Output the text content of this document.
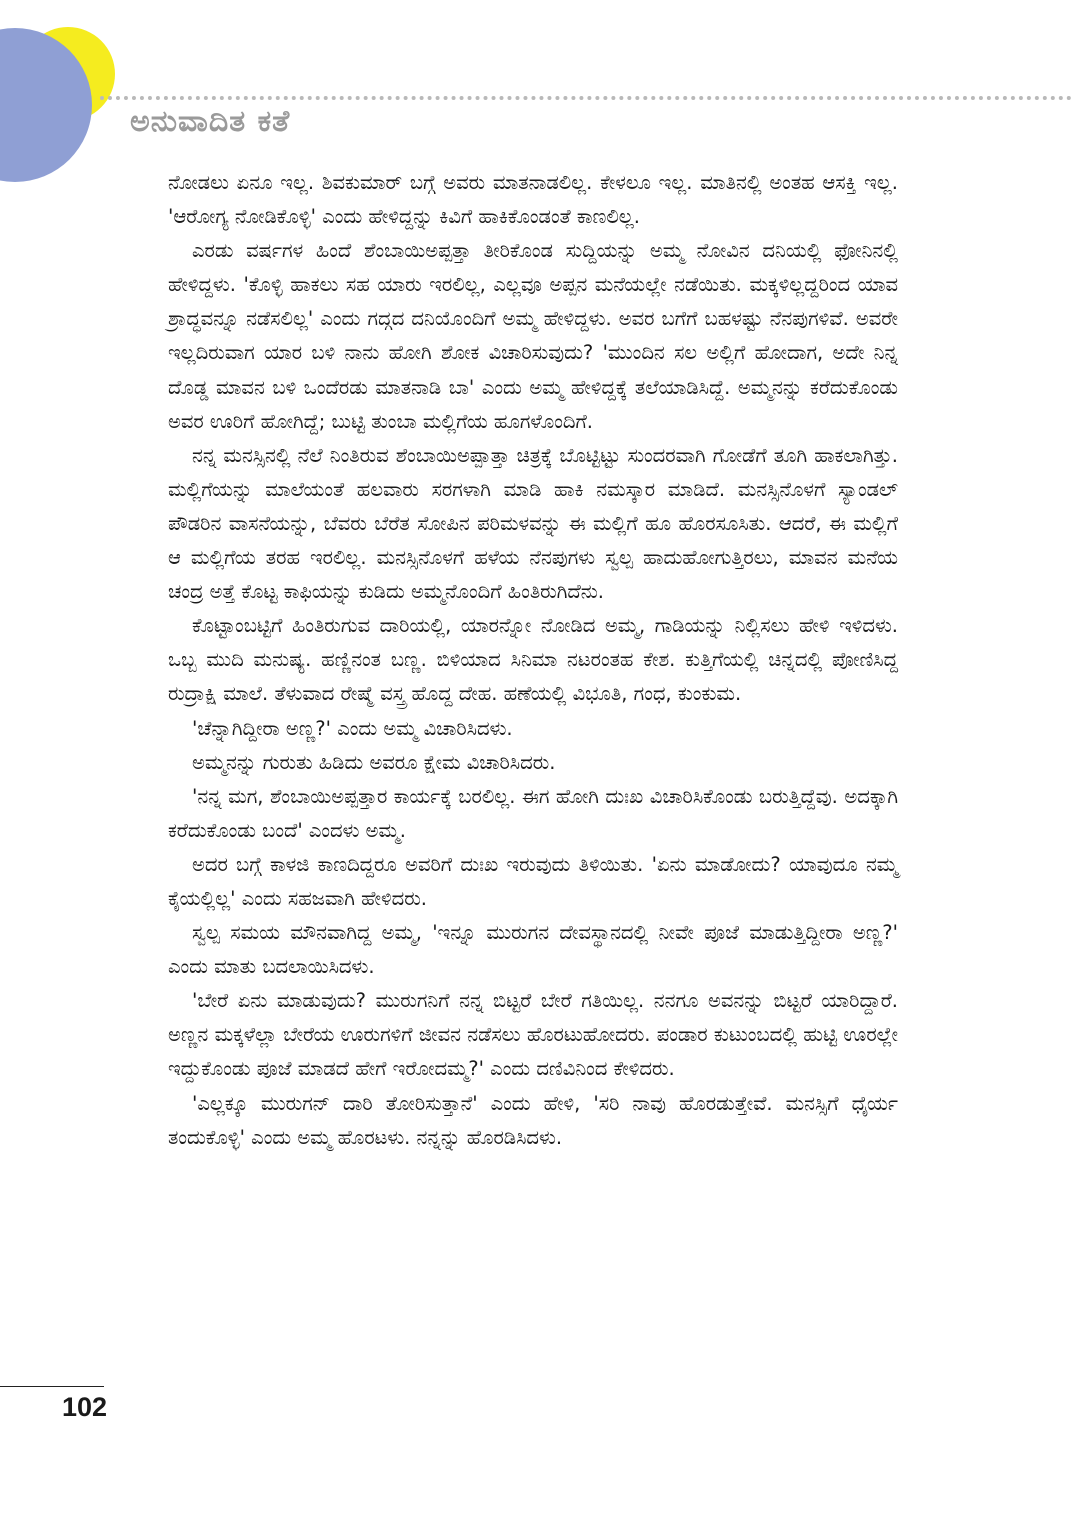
ಅನುವಾದಿತ ಕತೆ

ನೋಡಲು ಏನೂ ಇಲ್ಲ. ಶಿವಕುಮಾರ್ ಬಗ್ಗೆ ಅವರು ಮಾತನಾಡಲಿಲ್ಲ. ಕೇಳಲೂ ಇಲ್ಲ. ಮಾತಿನಲ್ಲಿ ಅಂತಹ ಆಸಕ್ತಿ ಇಲ್ಲ. 'ಆರೋಗ್ಯ ನೋಡಿಕೊಳ್ಳಿ' ಎಂದು ಹೇಳಿದ್ದನ್ನು ಕಿವಿಗೆ ಹಾಕಿಕೊಂಡಂತೆ ಕಾಣಲಿಲ್ಲ.

ಎರಡು ವರ್ಷಗಳ ಹಿಂದೆ ಶೆಂಬಾಯಿಅಪ್ಪತ್ತಾ ತೀರಿಕೊಂಡ ಸುದ್ದಿಯನ್ನು ಅಮ್ಮ ನೋವಿನ ದನಿಯಲ್ಲಿ ಫೋನಿನಲ್ಲಿ ಹೇಳಿದ್ದಳು. 'ಕೊಳ್ಳಿ ಹಾಕಲು ಸಹ ಯಾರು ಇರಲಿಲ್ಲ, ಎಲ್ಲವೂ ಅಪ್ಪನ ಮನೆಯಲ್ಲೇ ನಡೆಯಿತು. ಮಕ್ಕಳಿಲ್ಲದ್ದರಿಂದ ಯಾವ ಶ್ರಾದ್ಧವನ್ನೂ ನಡೆಸಲಿಲ್ಲ' ಎಂದು ಗದ್ಗದ ದನಿಯೊಂದಿಗೆ ಅಮ್ಮ ಹೇಳಿದ್ದಳು. ಅವರ ಬಗೆಗೆ ಬಹಳಷ್ಟು ನೆನಪುಗಳಿವೆ. ಅವರೇ ಇಲ್ಲದಿರುವಾಗ ಯಾರ ಬಳಿ ನಾನು ಹೋಗಿ ಶೋಕ ವಿಚಾರಿಸುವುದು? 'ಮುಂದಿನ ಸಲ ಅಲ್ಲಿಗೆ ಹೋದಾಗ, ಅದೇ ನಿನ್ನ ದೊಡ್ಡ ಮಾವನ ಬಳಿ ಒಂದೆರಡು ಮಾತನಾಡಿ ಬಾ' ಎಂದು ಅಮ್ಮ ಹೇಳಿದ್ದಕ್ಕೆ ತಲೆಯಾಡಿಸಿದ್ದೆ. ಅಮ್ಮನನ್ನು ಕರೆದುಕೊಂಡು ಅವರ ಊರಿಗೆ ಹೋಗಿದ್ದೆ; ಬುಟ್ಟಿ ತುಂಬಾ ಮಲ್ಲಿಗೆಯ ಹೂಗಳೊಂದಿಗೆ.

ನನ್ನ ಮನಸ್ಸಿನಲ್ಲಿ ನೆಲೆ ನಿಂತಿರುವ ಶೆಂಬಾಯಿಅಪ್ಪಾತ್ತಾ ಚಿತ್ರಕ್ಕೆ ಬೊಟ್ಟಿಟ್ಟು ಸುಂದರವಾಗಿ ಗೋಡೆಗೆ ತೂಗಿ ಹಾಕಲಾಗಿತ್ತು. ಮಲ್ಲಿಗೆಯನ್ನು ಮಾಲೆಯಂತೆ ಹಲವಾರು ಸರಗಳಾಗಿ ಮಾಡಿ ಹಾಕಿ ನಮಸ್ಕಾರ ಮಾಡಿದೆ. ಮನಸ್ಸಿನೊಳಗೆ ಸ್ಯಾಂಡಲ್ ಪೌಡರಿನ ವಾಸನೆಯನ್ನು, ಬೆವರು ಬೆರೆತ ಸೋಪಿನ ಪರಿಮಳವನ್ನು ಈ ಮಲ್ಲಿಗೆ ಹೂ ಹೊರಸೂಸಿತು. ಆದರೆ, ಈ ಮಲ್ಲಿಗೆ ಆ ಮಲ್ಲಿಗೆಯ ತರಹ ಇರಲಿಲ್ಲ. ಮನಸ್ಸಿನೊಳಗೆ ಹಳೆಯ ನೆನಪುಗಳು ಸ್ವಲ್ಪ ಹಾದುಹೋಗುತ್ತಿರಲು, ಮಾವನ ಮನೆಯ ಚಂದ್ರ ಅತ್ತೆ ಕೊಟ್ಟ ಕಾಫಿಯನ್ನು ಕುಡಿದು ಅಮ್ಮನೊಂದಿಗೆ ಹಿಂತಿರುಗಿದೆನು.

ಕೊಟ್ಟಾಂಬಟ್ಟಿಗೆ ಹಿಂತಿರುಗುವ ದಾರಿಯಲ್ಲಿ, ಯಾರನ್ನೋ ನೋಡಿದ ಅಮ್ಮ, ಗಾಡಿಯನ್ನು ನಿಲ್ಲಿಸಲು ಹೇಳಿ ಇಳಿದಳು. ಒಬ್ಬ ಮುದಿ ಮನುಷ್ಯ. ಹಣ್ಣಿನಂತ ಬಣ್ಣ. ಬಿಳಿಯಾದ ಸಿನಿಮಾ ನಟರಂತಹ ಕೇಶ. ಕುತ್ತಿಗೆಯಲ್ಲಿ ಚಿನ್ನದಲ್ಲಿ ಪೋಣಿಸಿದ್ದ ರುದ್ರಾಕ್ಷಿ ಮಾಲೆ. ತೆಳುವಾದ ರೇಷ್ಮೆ ವಸ್ತ್ರ ಹೊದ್ದ ದೇಹ. ಹಣೆಯಲ್ಲಿ ವಿಭೂತಿ, ಗಂಧ, ಕುಂಕುಮ.

'ಚೆನ್ನಾಗಿದ್ದೀರಾ ಅಣ್ಣ?' ಎಂದು ಅಮ್ಮ ವಿಚಾರಿಸಿದಳು.

ಅಮ್ಮನನ್ನು ಗುರುತು ಹಿಡಿದು ಅವರೂ ಕ್ಷೇಮ ವಿಚಾರಿಸಿದರು.

'ನನ್ನ ಮಗ, ಶೆಂಬಾಯಿಅಪ್ಪತ್ತಾರ ಕಾರ್ಯಕ್ಕೆ ಬರಲಿಲ್ಲ. ಈಗ ಹೋಗಿ ದುಃಖ ವಿಚಾರಿಸಿಕೊಂಡು ಬರುತ್ತಿದ್ದೆವು. ಅದಕ್ಕಾಗಿ ಕರೆದುಕೊಂಡು ಬಂದೆ' ಎಂದಳು ಅಮ್ಮ.

ಅದರ ಬಗ್ಗೆ ಕಾಳಜಿ ಕಾಣದಿದ್ದರೂ ಅವರಿಗೆ ದುಃಖ ಇರುವುದು ತಿಳಿಯಿತು. 'ಏನು ಮಾಡೋದು? ಯಾವುದೂ ನಮ್ಮ ಕೈಯಲ್ಲಿಲ್ಲ' ಎಂದು ಸಹಜವಾಗಿ ಹೇಳಿದರು.

ಸ್ವಲ್ಪ ಸಮಯ ಮೌನವಾಗಿದ್ದ ಅಮ್ಮ, 'ಇನ್ನೂ ಮುರುಗನ ದೇವಸ್ಥಾನದಲ್ಲಿ ನೀವೇ ಪೂಜೆ ಮಾಡುತ್ತಿದ್ದೀರಾ ಅಣ್ಣ?' ಎಂದು ಮಾತು ಬದಲಾಯಿಸಿದಳು.

'ಬೇರೆ ಏನು ಮಾಡುವುದು? ಮುರುಗನಿಗೆ ನನ್ನ ಬಿಟ್ಟರೆ ಬೇರೆ ಗತಿಯಿಲ್ಲ. ನನಗೂ ಅವನನ್ನು ಬಿಟ್ಟರೆ ಯಾರಿದ್ದಾರೆ. ಅಣ್ಣನ ಮಕ್ಕಳೆಲ್ಲಾ ಬೇರೆಯ ಊರುಗಳಿಗೆ ಜೀವನ ನಡೆಸಲು ಹೊರಟುಹೋದರು. ಪಂಡಾರ ಕುಟುಂಬದಲ್ಲಿ ಹುಟ್ಟಿ ಊರಲ್ಲೇ ಇದ್ದುಕೊಂಡು ಪೂಜೆ ಮಾಡದೆ ಹೇಗೆ ಇರೋದಮ್ಮ?' ಎಂದು ದಣಿವಿನಿಂದ ಕೇಳಿದರು.

'ಎಲ್ಲಕ್ಕೂ ಮುರುಗನ್ ದಾರಿ ತೋರಿಸುತ್ತಾನೆ' ಎಂದು ಹೇಳಿ, 'ಸರಿ ನಾವು ಹೊರಡುತ್ತೇವೆ. ಮನಸ್ಸಿಗೆ ಧೈರ್ಯ ತಂದುಕೊಳ್ಳಿ' ಎಂದು ಅಮ್ಮ ಹೊರಟಳು. ನನ್ನನ್ನು ಹೊರಡಿಸಿದಳು.

102
